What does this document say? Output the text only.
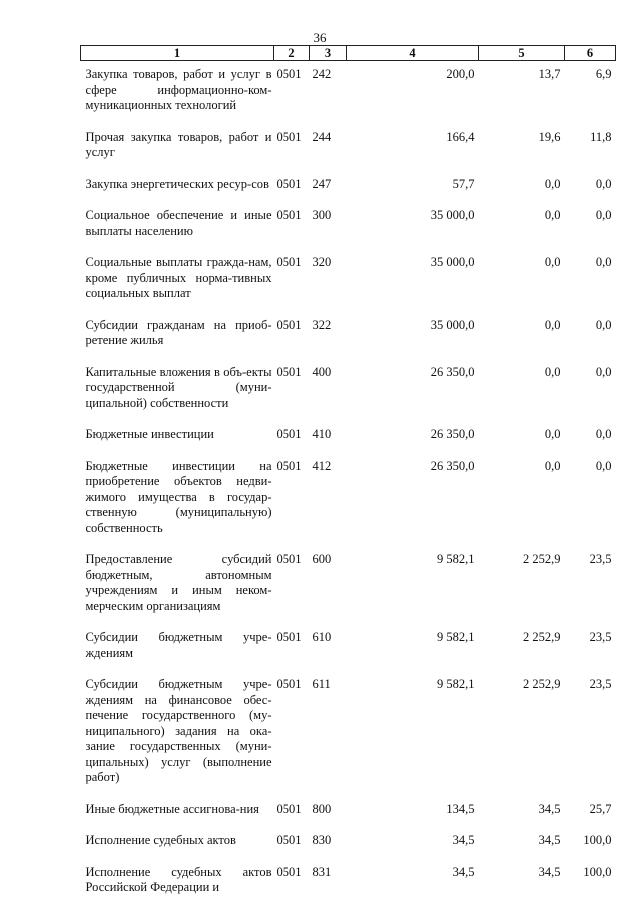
36
1	2	3	4	5	6
Закупка товаров, работ и услуг в сфере информационно-ком-муникационных технологий	0501	242	200,0	13,7	6,9
Прочая закупка товаров, работ и услуг	0501	244	166,4	19,6	11,8
Закупка энергетических ресур-сов	0501	247	57,7	0,0	0,0
Социальное обеспечение и иные выплаты населению	0501	300	35 000,0	0,0	0,0
Социальные выплаты гражда-нам, кроме публичных норма-тивных социальных выплат	0501	320	35 000,0	0,0	0,0
Субсидии гражданам на приоб-ретение жилья	0501	322	35 000,0	0,0	0,0
Капитальные вложения в объ-екты государственной (муни-ципальной) собственности	0501	400	26 350,0	0,0	0,0
Бюджетные инвестиции	0501	410	26 350,0	0,0	0,0
Бюджетные инвестиции на приобретение объектов недви-жимого имущества в государ-ственную (муниципальную) собственность	0501	412	26 350,0	0,0	0,0
Предоставление субсидий бюджетным, автономным учреждениям и иным неком-мерческим организациям	0501	600	9 582,1	2 252,9	23,5
Субсидии бюджетным учре-ждениям	0501	610	9 582,1	2 252,9	23,5
Субсидии бюджетным учре-ждениям на финансовое обес-печение государственного (му-ниципального) задания на ока-зание государственных (муни-ципальных) услуг (выполнение работ)	0501	611	9 582,1	2 252,9	23,5
Иные бюджетные ассигнова-ния	0501	800	134,5	34,5	25,7
Исполнение судебных актов	0501	830	34,5	34,5	100,0
Исполнение судебных актов Российской Федерации и	0501	831	34,5	34,5	100,0
